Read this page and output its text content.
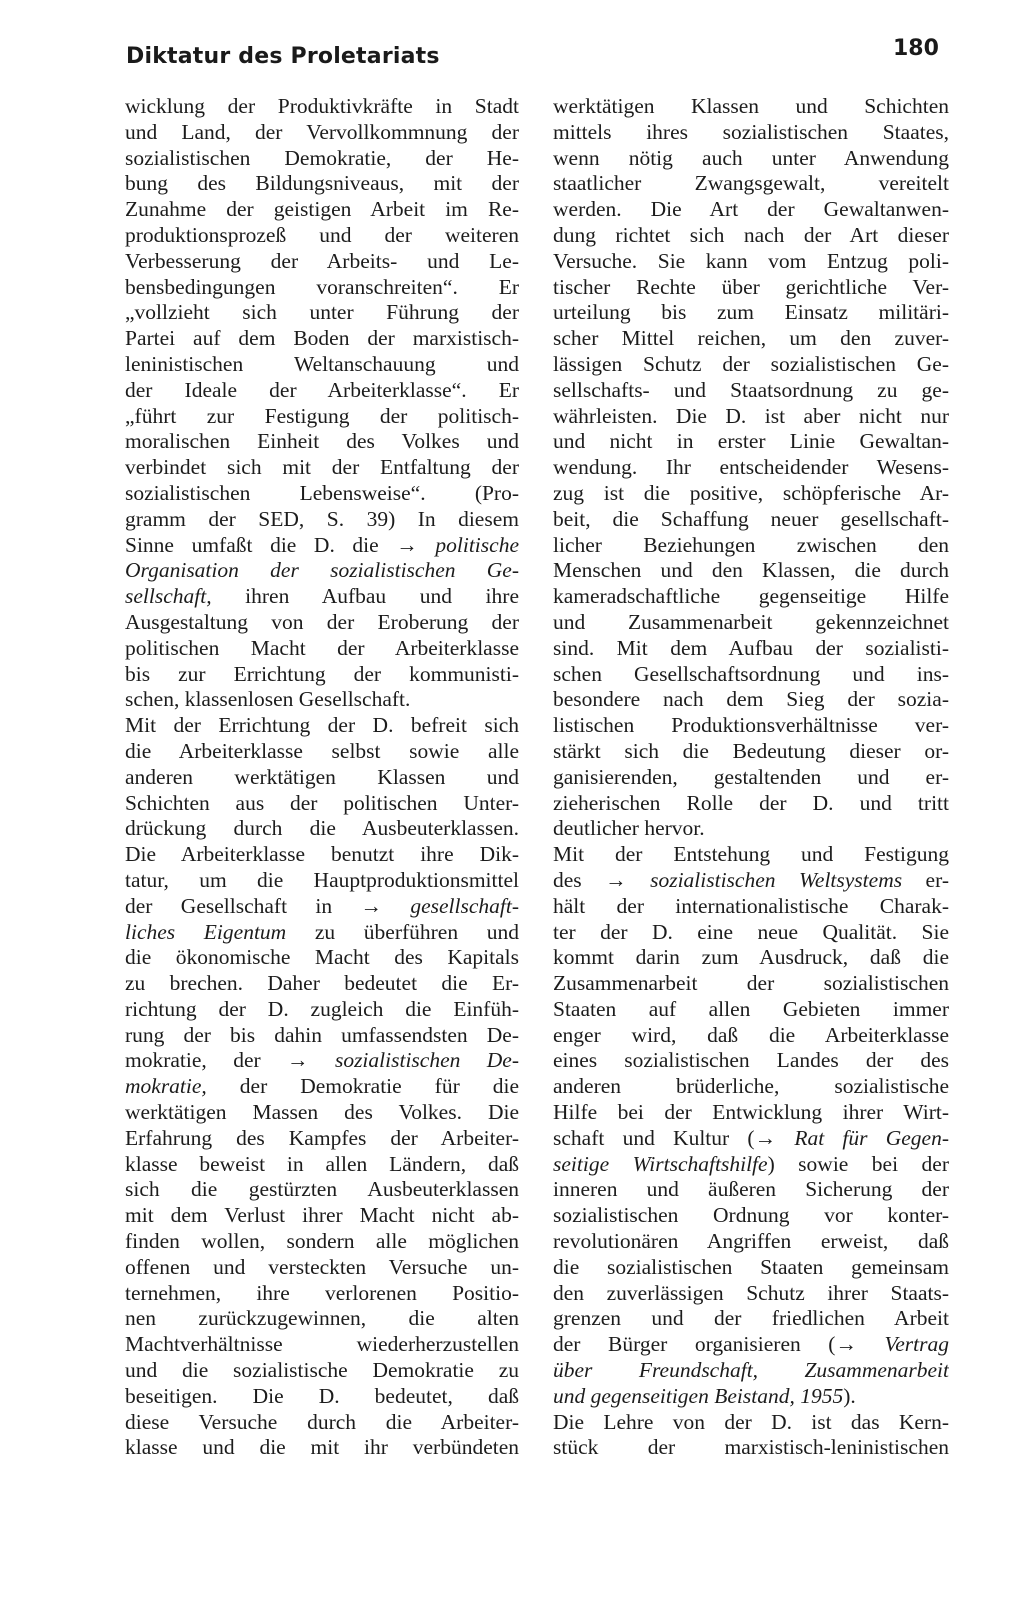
Diktatur des Proletariats	180
wicklung der Produktivkräfte in Stadt
und Land, der Vervollkommnung der
sozialistischen Demokratie, der He-
bung des Bildungsniveaus, mit der
Zunahme der geistigen Arbeit im Re-
produktionsprozeß und der weiteren
Verbesserung der Arbeits- und Le-
bensbedingungen voranschreiten“. Er
„vollzieht sich unter Führung der
Partei auf dem Boden der marxistisch-
leninistischen Weltanschauung und
der Ideale der Arbeiterklasse“. Er
„führt zur Festigung der politisch-
moralischen Einheit des Volkes und
verbindet sich mit der Entfaltung der
sozialistischen Lebensweise“. (Pro-
gramm der SED, S. 39) In diesem
Sinne umfaßt die D. die → politische
Organisation der sozialistischen Ge-
sellschaft, ihren Aufbau und ihre
Ausgestaltung von der Eroberung der
politischen Macht der Arbeiterklasse
bis zur Errichtung der kommunisti-
schen, klassenlosen Gesellschaft.
Mit der Errichtung der D. befreit sich
die Arbeiterklasse selbst sowie alle
anderen werktätigen Klassen und
Schichten aus der politischen Unter-
drückung durch die Ausbeuterklassen.
Die Arbeiterklasse benutzt ihre Dik-
tatur, um die Hauptproduktionsmittel
der Gesellschaft in → gesellschaft-
liches Eigentum zu überführen und
die ökonomische Macht des Kapitals
zu brechen. Daher bedeutet die Er-
richtung der D. zugleich die Einfüh-
rung der bis dahin umfassendsten De-
mokratie, der → sozialistischen De-
mokratie, der Demokratie für die
werktätigen Massen des Volkes. Die
Erfahrung des Kampfes der Arbeiter-
klasse beweist in allen Ländern, daß
sich die gestürzten Ausbeuterklassen
mit dem Verlust ihrer Macht nicht ab-
finden wollen, sondern alle möglichen
offenen und versteckten Versuche un-
ternehmen, ihre verlorenen Positio-
nen zurückzugewinnen, die alten
Machtverhältnisse wiederherzustellen
und die sozialistische Demokratie zu
beseitigen. Die D. bedeutet, daß
diese Versuche durch die Arbeiter-
klasse und die mit ihr verbündeten
werktätigen Klassen und Schichten
mittels ihres sozialistischen Staates,
wenn nötig auch unter Anwendung
staatlicher Zwangsgewalt, vereitelt
werden. Die Art der Gewaltanwen-
dung richtet sich nach der Art dieser
Versuche. Sie kann vom Entzug poli-
tischer Rechte über gerichtliche Ver-
urteilung bis zum Einsatz militäri-
scher Mittel reichen, um den zuver-
lässigen Schutz der sozialistischen Ge-
sellschafts- und Staatsordnung zu ge-
währleisten. Die D. ist aber nicht nur
und nicht in erster Linie Gewaltan-
wendung. Ihr entscheidender Wesens-
zug ist die positive, schöpferische Ar-
beit, die Schaffung neuer gesellschaft-
licher Beziehungen zwischen den
Menschen und den Klassen, die durch
kameradschaftliche gegenseitige Hilfe
und Zusammenarbeit gekennzeichnet
sind. Mit dem Aufbau der sozialisti-
schen Gesellschaftsordnung und ins-
besondere nach dem Sieg der sozia-
listischen Produktionsverhältnisse ver-
stärkt sich die Bedeutung dieser or-
ganisierenden, gestaltenden und er-
zieherischen Rolle der D. und tritt
deutlicher hervor.
Mit der Entstehung und Festigung
des → sozialistischen Weltsystems er-
hält der internationalistische Charak-
ter der D. eine neue Qualität. Sie
kommt darin zum Ausdruck, daß die
Zusammenarbeit der sozialistischen
Staaten auf allen Gebieten immer
enger wird, daß die Arbeiterklasse
eines sozialistischen Landes der des
anderen brüderliche, sozialistische
Hilfe bei der Entwicklung ihrer Wirt-
schaft und Kultur (→ Rat für Gegen-
seitige Wirtschaftshilfe) sowie bei der
inneren und äußeren Sicherung der
sozialistischen Ordnung vor konter-
revolutionären Angriffen erweist, daß
die sozialistischen Staaten gemeinsam
den zuverlässigen Schutz ihrer Staats-
grenzen und der friedlichen Arbeit
der Bürger organisieren (→ Vertrag
über Freundschaft, Zusammenarbeit
und gegenseitigen Beistand, 1955).
Die Lehre von der D. ist das Kern-
stück der marxistisch-leninistischen
